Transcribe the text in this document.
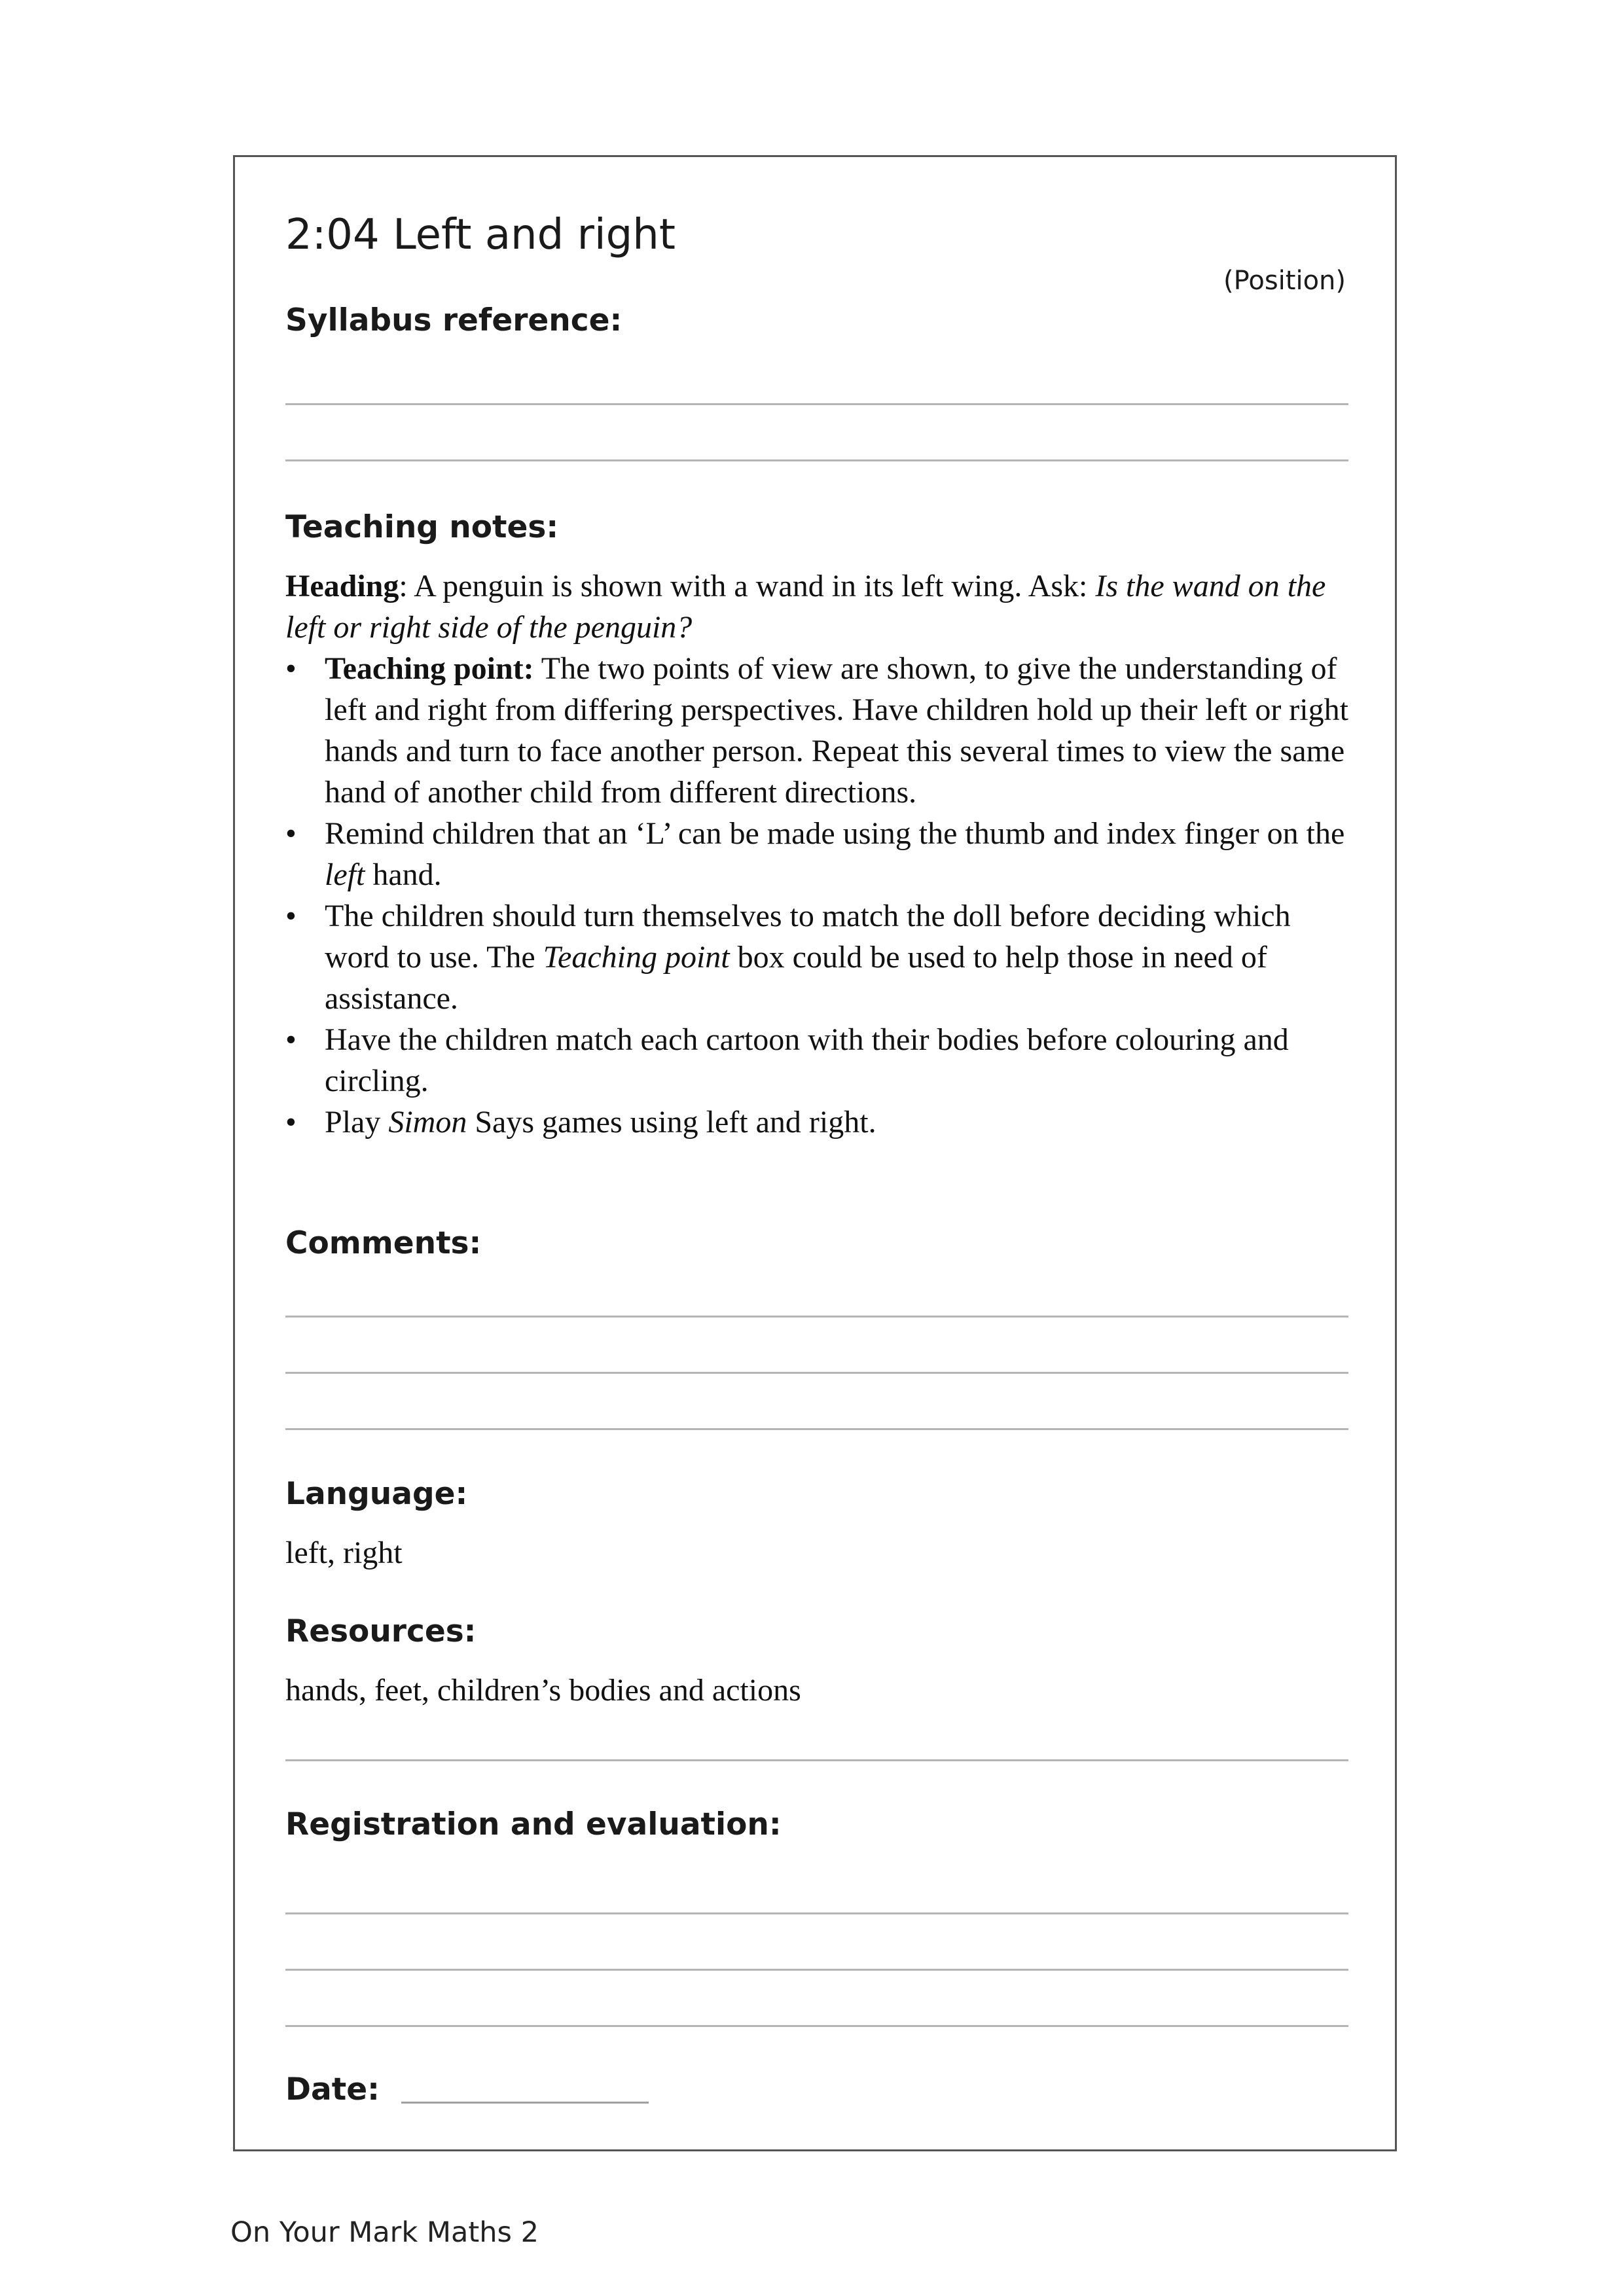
2:04 Left and right
(Position)
Syllabus reference:
Teaching notes:

Heading: A penguin is shown with a wand in its left wing. Ask: Is the wand on the left or right side of the penguin?

• Teaching point: The two points of view are shown, to give the understanding of left and right from differing perspectives. Have children hold up their left or right hands and turn to face another person. Repeat this several times to view the same hand of another child from different directions.
• Remind children that an ‘L’ can be made using the thumb and index finger on the left hand.
• The children should turn themselves to match the doll before deciding which word to use. The Teaching point box could be used to help those in need of assistance.
• Have the children match each cartoon with their bodies before colouring and circling.
• Play Simon Says games using left and right.
Comments:
Language:
left, right
Resources:
hands, feet, children’s bodies and actions
Registration and evaluation:
Date:
On Your Mark Maths 2
